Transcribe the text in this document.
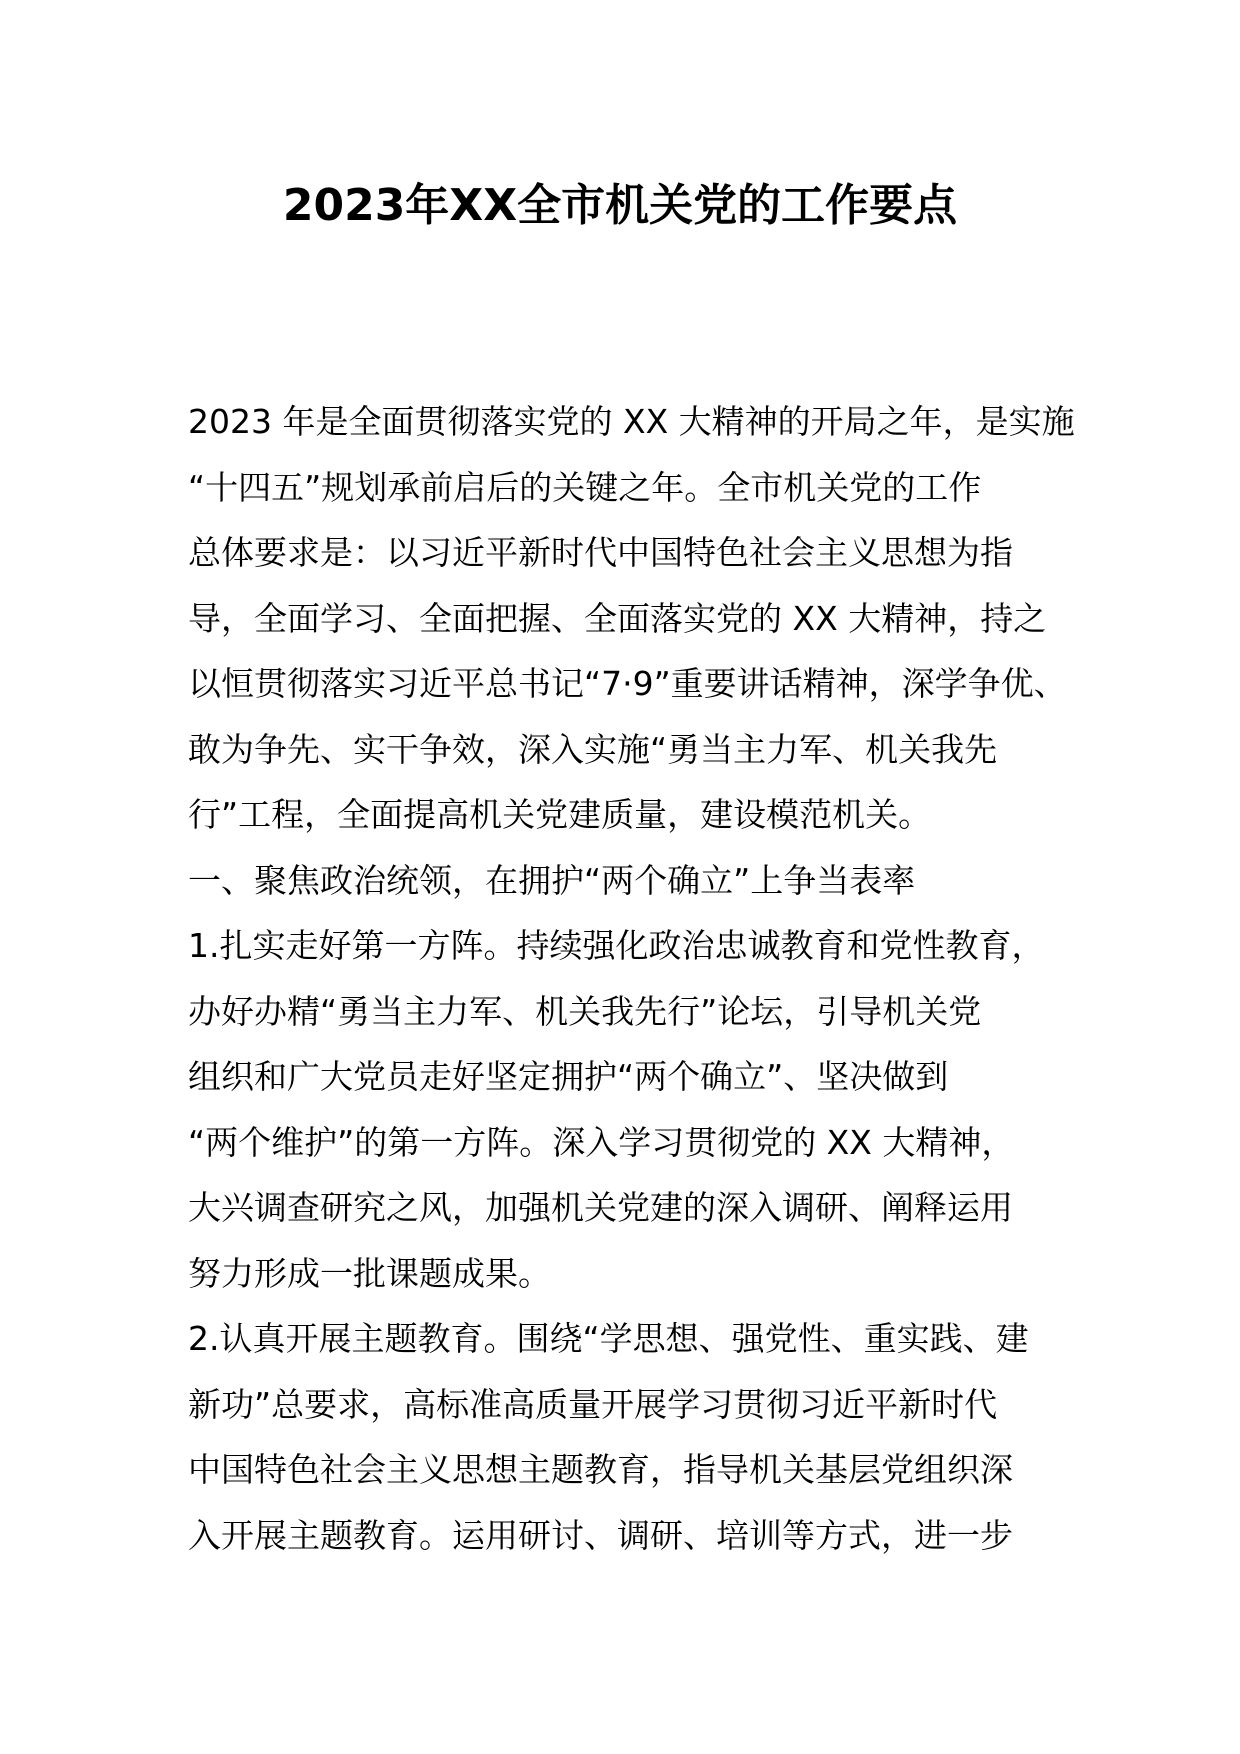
2023年XX全市机关党的工作要点
2023 年是全面贯彻落实党的 XX 大精神的开局之年，是实施
“十四五”规划承前启后的关键之年。全市机关党的工作
总体要求是：以习近平新时代中国特色社会主义思想为指
导，全面学习、全面把握、全面落实党的 XX 大精神，持之
以恒贯彻落实习近平总书记“7·9”重要讲话精神，深学争优、
敢为争先、实干争效，深入实施“勇当主力军、机关我先
行”工程，全面提高机关党建质量，建设模范机关。
一、聚焦政治统领，在拥护“两个确立”上争当表率
1.扎实走好第一方阵。持续强化政治忠诚教育和党性教育，
办好办精“勇当主力军、机关我先行”论坛，引导机关党
组织和广大党员走好坚定拥护“两个确立”、坚决做到
“两个维护”的第一方阵。深入学习贯彻党的 XX 大精神，
大兴调查研究之风，加强机关党建的深入调研、阐释运用
努力形成一批课题成果。
2.认真开展主题教育。围绕“学思想、强党性、重实践、建
新功”总要求，高标准高质量开展学习贯彻习近平新时代
中国特色社会主义思想主题教育，指导机关基层党组织深
入开展主题教育。运用研讨、调研、培训等方式，进一步
